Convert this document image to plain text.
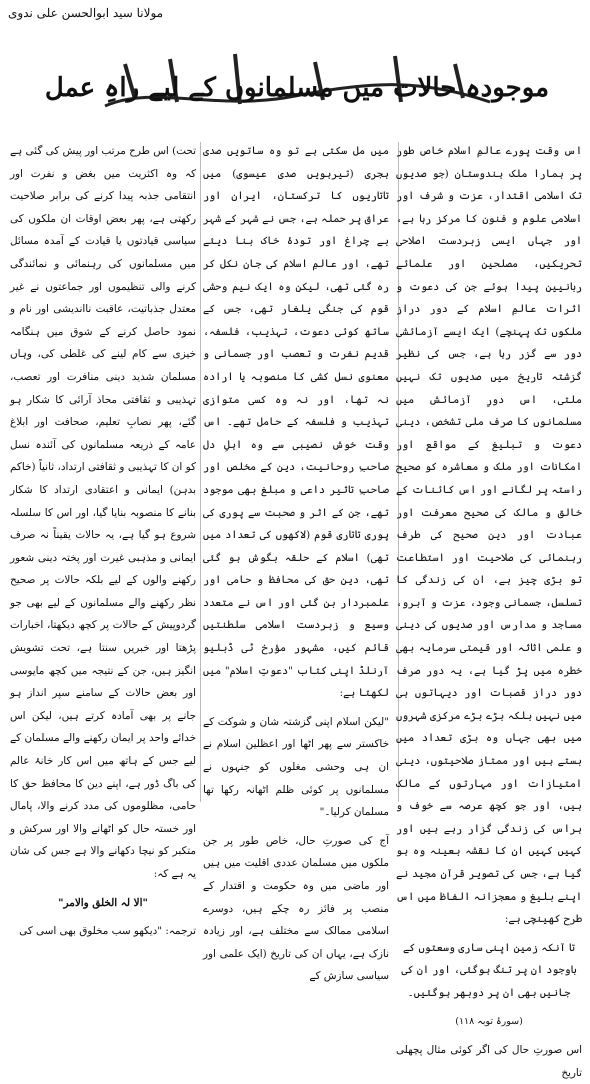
مولانا سید ابوالحسن علی ندوی
موجودہ حالات میں مسلمانوں کے لیے راہِ عمل

اس وقت پورے عالمِ اسلام خاص طور پر ہمارا ملک ہندوستان (جو صدیوں تک اسلامی اقتدار، عزت و شرف اور اسلامی علوم و فنون کا مرکز رہا ہے، اور جہاں ایسی زبردست اصلاحی تحریکیں، مصلحین اور علمائے ربانیین پیدا ہوئے جن کی دعوت و اثرات عالمِ اسلام کے دور دراز ملکوں تک پہنچے) ایک ایسے آزمائشی دور سے گزر رہا ہے، جس کی نظیر گزشتہ تاریخ میں صدیوں تک نہیں ملتی، اس دورِ آزمائش میں مسلمانوں کا صرف ملی تشخص، دینی دعوت و تبلیغ کے مواقع اور امکانات اور ملک و معاشرہ کو صحیح راستہ پر لگانے اور اس کائنات کے خالق و مالک کی صحیح معرفت اور عبادت اور دین صحیح کی طرف رہنمائی کی صلاحیت اور استطاعت تو بڑی چیز ہے، ان کی زندگی کا تسلسل، جسمانی وجود، عزت و آبرو، مساجد و مدارس اور صدیوں کی دینی و علمی اثاثہ اور قیمتی سرمایہ بھی خطرہ میں پڑ گیا ہے، یہ دور صرف دور دراز قصبات اور دیہاتوں ہی میں نہیں بلکہ بڑے بڑے مرکزی شہروں میں بھی جہاں وہ بڑی تعداد میں بستے ہیں اور ممتاز صلاحیتوں، دینی امتیازات اور مہارتوں کے مالک ہیں، اور جو کچھ عرصہ سے خوف و ہراس کی زندگی گزار رہے ہیں اور کہیں کہیں ان کا نقشہ بعینہ وہ ہو گیا ہے، جس کی تصویر قرآن مجید نے اپنے بلیغ و معجزانہ الفاظ میں اس طرح کھینچی ہے:

تا آنکہ زمین اپنی ساری وسعتوں کے باوجود ان پر تنگ ہوگئی، اور ان کی جانیں بھی ان پر دوبھر ہوگئیں۔

(سورۂ توبہ ۱۱۸)

اس صورتِ حال کی اگر کوئی مثال پچھلی تاریخ

میں مل سکتی ہے تو وہ ساتویں صدی ہجری (تیرہویں صدی عیسوی) میں تاتاریوں کا ترکستان، ایران اور عراق پر حملہ ہے، جس نے شہر کے شہر بے چراغ اور تودۂ خاک بنا دیئے تھے، اور عالمِ اسلام کی جان نکل کر رہ گئی تھی، لیکن وہ ایک نیم وحشی قوم کی جنگی یلغار تھی، جس کے ساتھ کوئی دعوت، تہذیب، فلسفہ، قدیم نفرت و تعصب اور جسمانی و معنوی نسل کشی کا منصوبہ یا ارادہ نہ تھا، اور نہ وہ کسی متوازی تہذیب و فلسفہ کے حامل تھے۔ اس وقت خوش نصیبی سے وہ اہلِ دل صاحبِ روحانیت، دین کے مخلص اور صاحبِ تاثیر داعی و مبلغ بھی موجود تھے، جن کے اثر و صحبت سے پوری کی پوری تاتاری قوم (لاکھوں کی تعداد میں تھی) اسلام کے حلقہ بگوش ہو گئی تھی، دین حق کی محافظ و حامی اور علمبردار بن گئی اور اس نے متعدد وسیع و زبردست اسلامی سلطنتیں قائم کیں، مشہور مؤرخ ٹی ڈبلیو آرنلڈ اپنی کتاب "دعوتِ اسلام" میں لکھتا ہے:

"لیکن اسلام اپنی گزشتہ شان و شوکت کے خاکستر سے پھر اٹھا اور اعظلین اسلام نے ان ہی وحشی مغلوں کو جنہوں نے مسلمانوں پر کوئی ظلم اٹھانہ رکھا تھا مسلمان کرلیا۔"

آج کی صورتِ حال، خاص طور پر جن ملکوں میں مسلمان عددی اقلیت میں ہیں اور ماضی میں وہ حکومت و اقتدار کے منصب پر فائز رہ چکے ہیں، دوسرے اسلامی ممالک سے مختلف ہے، اور زیادہ نازک ہے، یہاں ان کی تاریخ (ایک علمی اور سیاسی سازش کے

تحت) اس طرح مرتب اور پیش کی گئی ہے کہ وہ اکثریت میں بغض و نفرت اور انتقامی جذبہ پیدا کرنے کی برابر صلاحیت رکھتی ہے، پھر بعض اوقات ان ملکوں کی سیاسی قیادتوں یا قیادت کے آمدہ مسائل میں مسلمانوں کی رہنمائی و نمائندگی کرنے والی تنظیموں اور جماعتوں نے غیر معتدل جذباتیت، عاقبت نااندیشی اور نام و نمود حاصل کرنے کے شوق میں ہنگامہ خیزی سے کام لینے کی غلطی کی، وہاں مسلمان شدید دینی منافرت اور تعصب، تہذیبی و ثقافتی محاذ آرائی کا شکار ہو گئے، پھر نصابِ تعلیم، صحافت اور ابلاغ عامہ کے ذریعہ مسلمانوں کی آئندہ نسل کو ان کا تہذیبی و ثقافتی ارتداد، ثانیاً (خاکم بدہن) ایمانی و اعتقادی ارتداد کا شکار بنانے کا منصوبہ بنایا گیا، اور اس کا سلسلہ شروع ہو گیا ہے، یہ حالات یقیناً نہ صرف ایمانی و مذہبی غیرت اور پختہ دینی شعور رکھنے والوں کے لیے بلکہ حالات پر صحیح نظر رکھنے والے مسلمانوں کے لیے بھی جو گردوپیش کے حالات پر کچھ دیکھتا، اخبارات پڑھتا اور خبریں سنتا ہے، تحت تشویش انگیز ہیں، جن کے نتیجہ میں کچھ مایوسی اور بعض حالات کے سامنے سپر انداز ہو جانے پر بھی آمادہ کرتے ہیں، لیکن اس خدائے واحد پر ایمان رکھنے والے مسلمان کے لیے جس کے ہاتھ میں اس کار خانۂ عالم کی باگ ڈور ہے، اپنے دین کا محافظ حق کا حامی، مظلوموں کی مدد کرنے والا، پامال اور خستہ حال کو اٹھانے والا اور سرکش و متکبر کو نیچا دکھانے والا ہے جس کی شان یہ ہے کہ:

"الا لہ الخلق والامر"

ترجمہ: "دیکھو سب مخلوق بھی اسی کی
